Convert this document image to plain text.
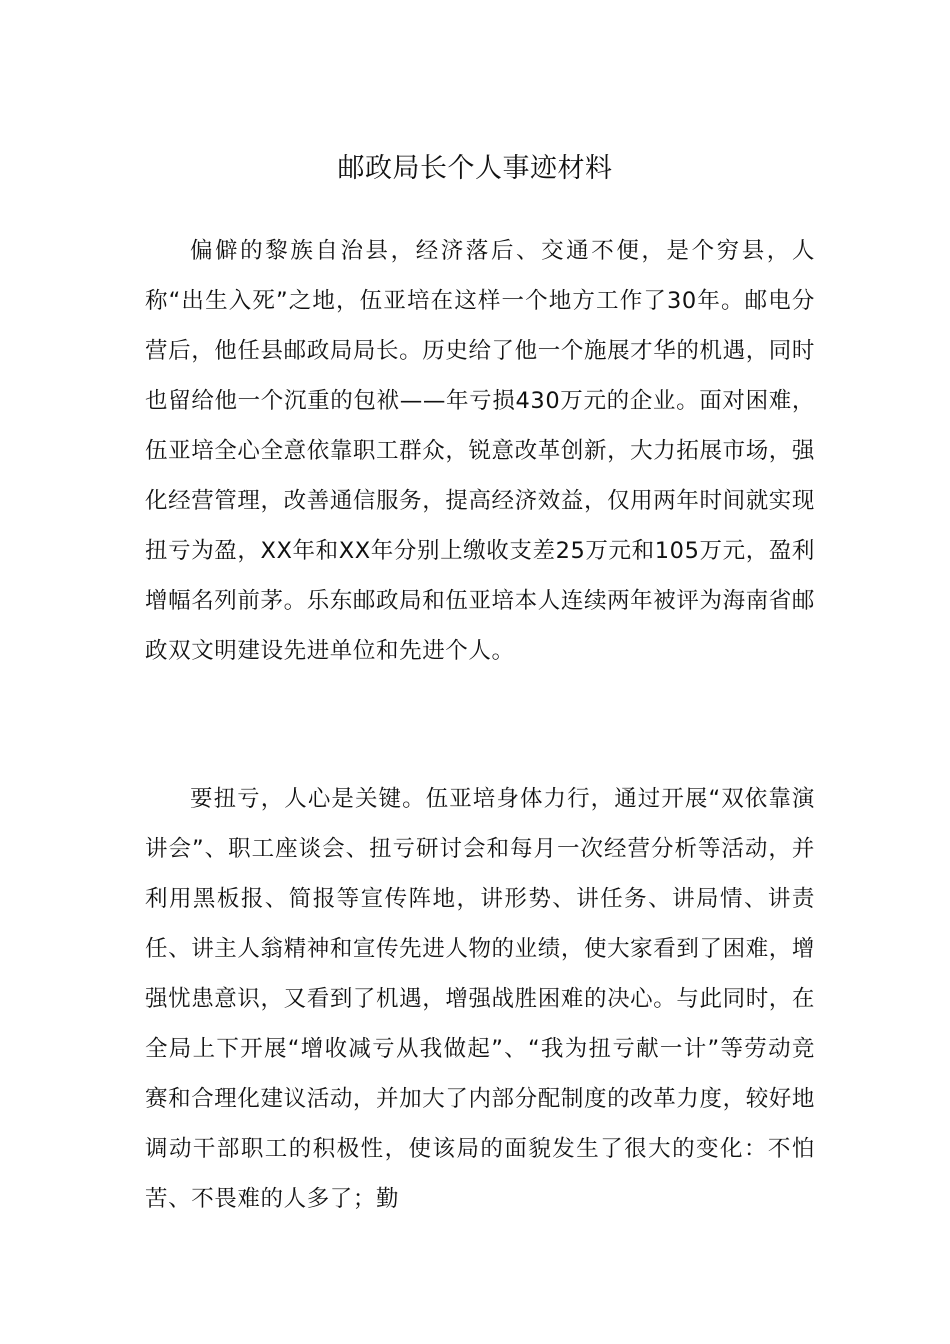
邮政局长个人事迹材料

偏僻的黎族自治县，经济落后、交通不便，是个穷县，人称“出生入死”之地，伍亚培在这样一个地方工作了30年。邮电分营后，他任县邮政局局长。历史给了他一个施展才华的机遇，同时也留给他一个沉重的包袱——年亏损430万元的企业。面对困难，伍亚培全心全意依靠职工群众，锐意改革创新，大力拓展市场，强化经营管理，改善通信服务，提高经济效益，仅用两年时间就实现扭亏为盈，XX年和XX年分别上缴收支差25万元和105万元，盈利增幅名列前茅。乐东邮政局和伍亚培本人连续两年被评为海南省邮政双文明建设先进单位和先进个人。

要扭亏，人心是关键。伍亚培身体力行，通过开展“双依靠演讲会”、职工座谈会、扭亏研讨会和每月一次经营分析等活动，并利用黑板报、简报等宣传阵地，讲形势、讲任务、讲局情、讲责任、讲主人翁精神和宣传先进人物的业绩，使大家看到了困难，增强忧患意识，又看到了机遇，增强战胜困难的决心。与此同时，在全局上下开展“增收减亏从我做起”、“我为扭亏献一计”等劳动竞赛和合理化建议活动，并加大了内部分配制度的改革力度，较好地调动干部职工的积极性，使该局的面貌发生了很大的变化：不怕苦、不畏难的人多了；勤
